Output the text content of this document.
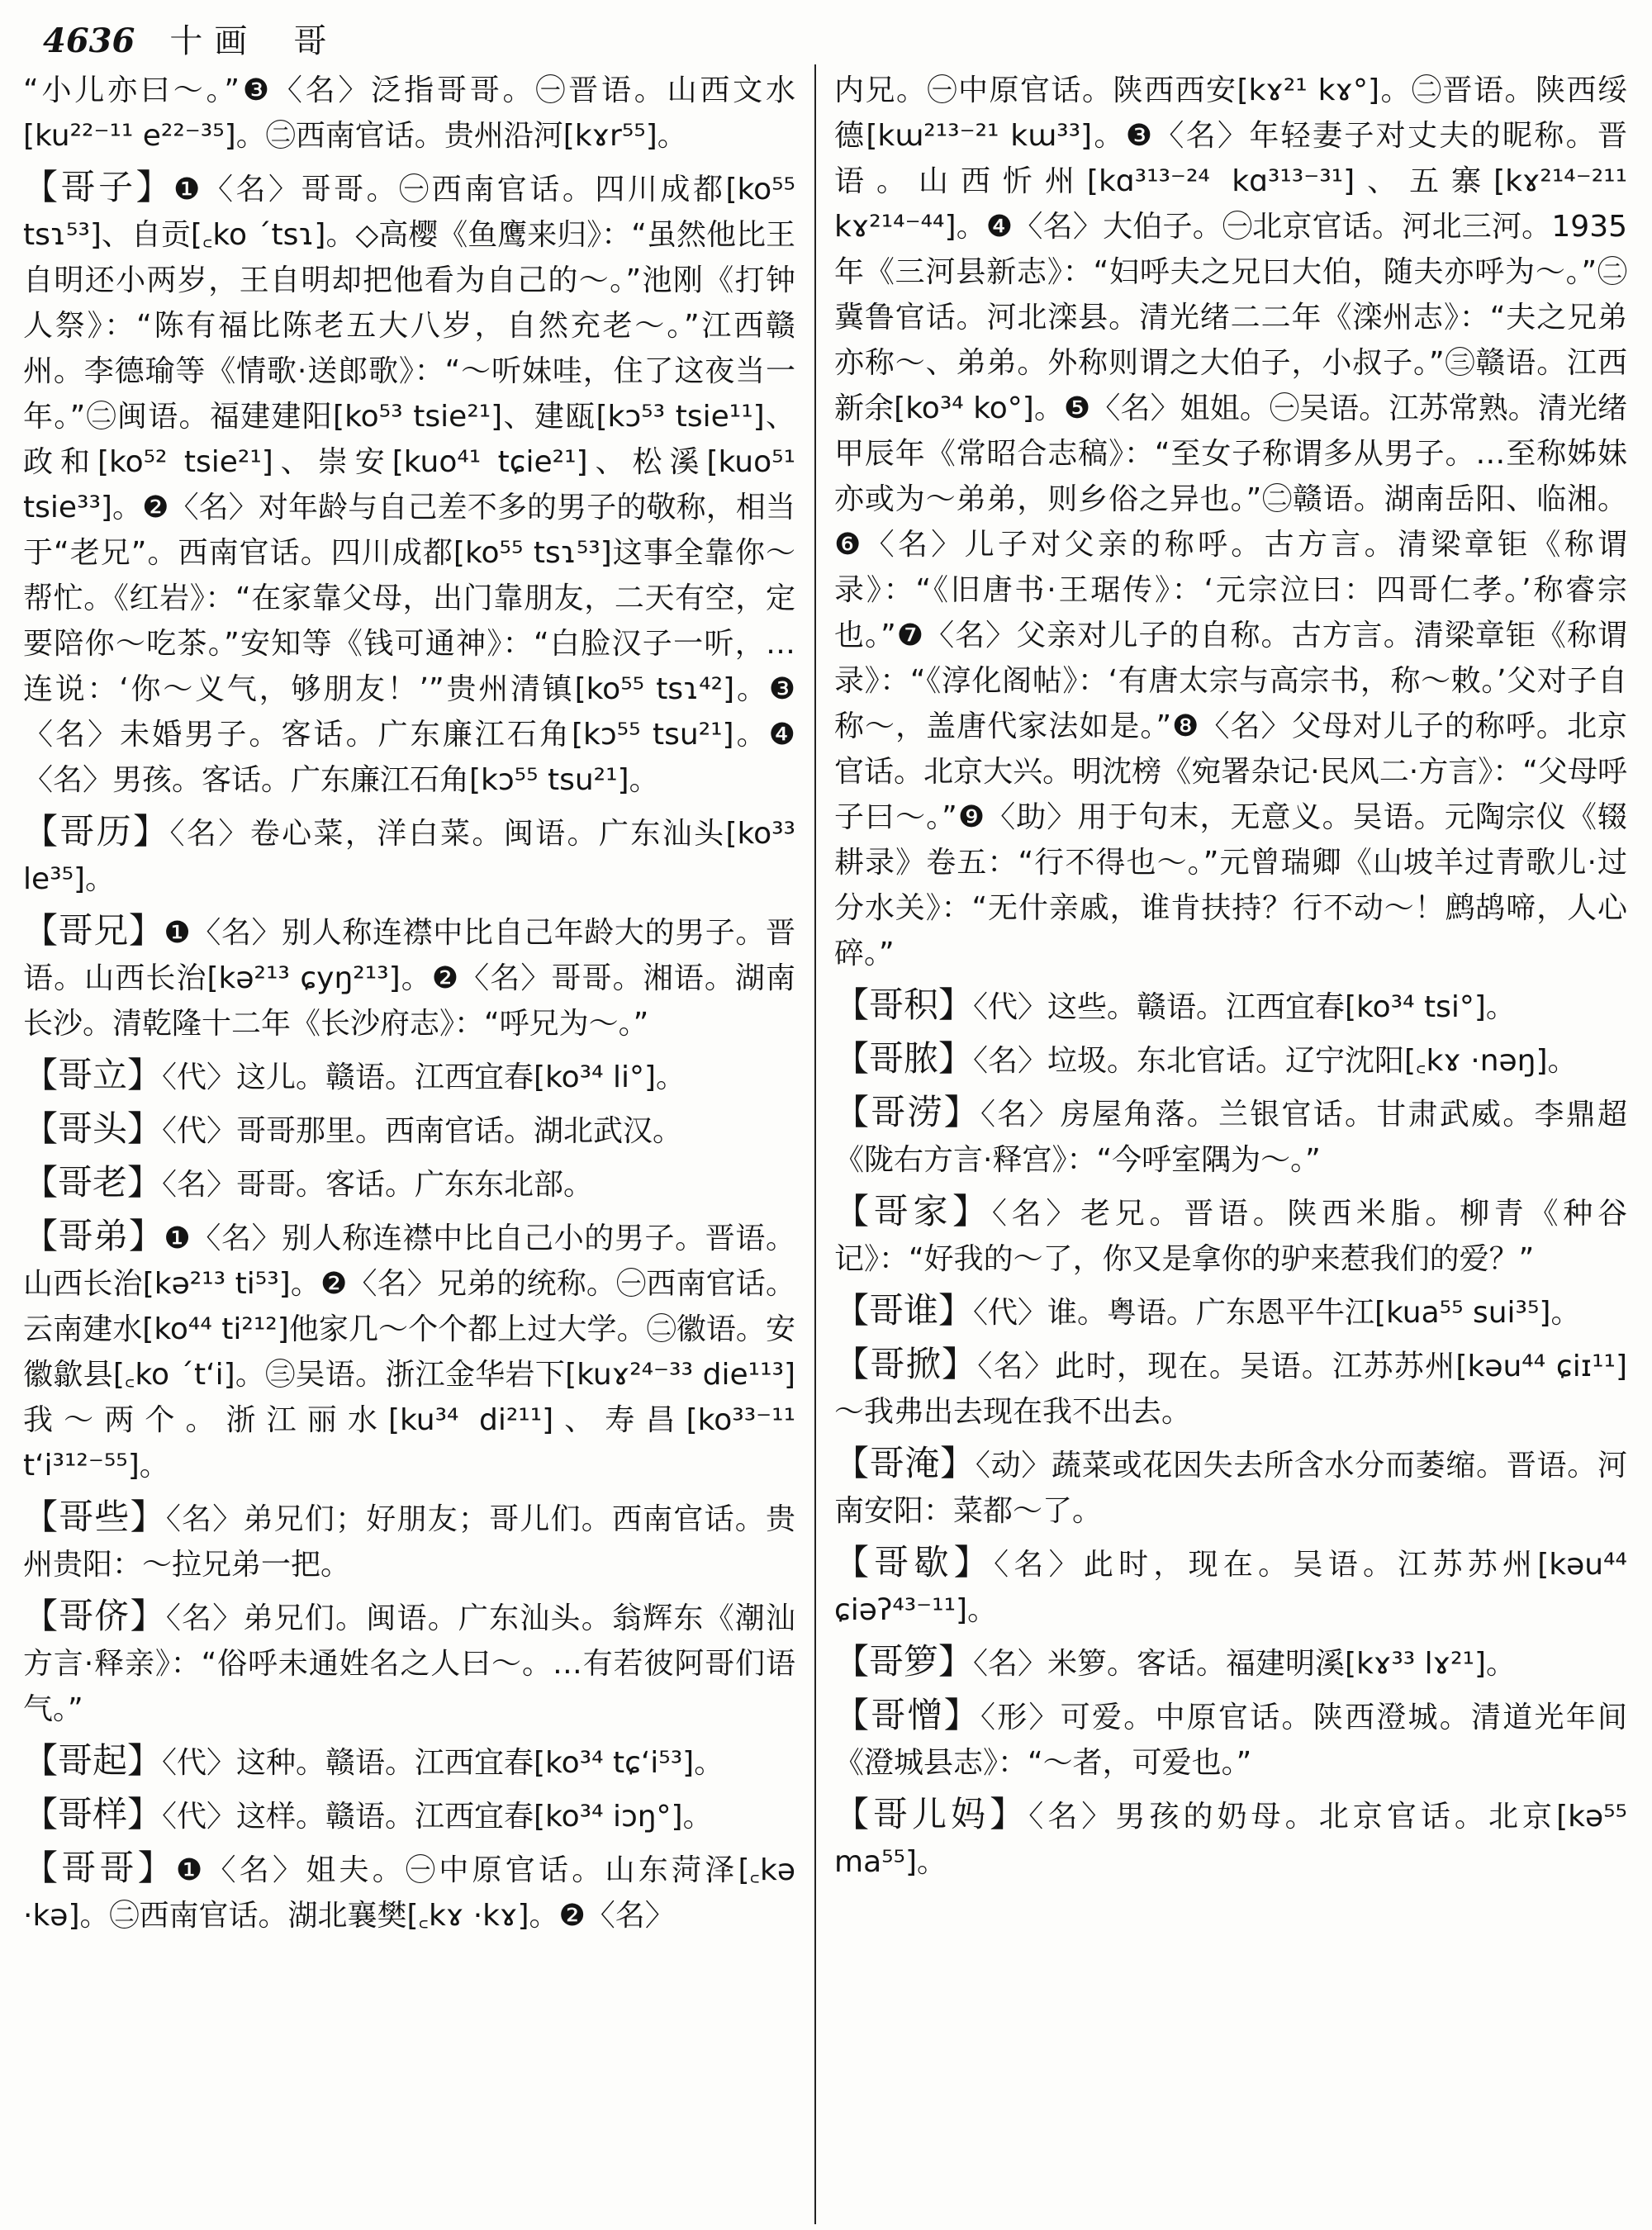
4636 十画 哥
“小儿亦曰～。”❸〈名〉泛指哥哥。㊀晋语。山西文水[ku²²⁻¹¹ e²²⁻³⁵]。㊁西南官话。贵州沿河[kɤr⁵⁵]。
【哥子】❶〈名〉哥哥。㊀西南官话。四川成都[ko⁵⁵ tsɿ⁵³]、自贡[꜀ko ˊtsɿ]。◇高樱《鱼鹰来归》：“虽然他比王自明还小两岁，王自明却把他看为自己的～。”池刚《打钟人祭》：“陈有福比陈老五大八岁，自然充老～。”江西赣州。李德瑜等《情歌·送郎歌》：“～听妹哇，住了这夜当一年。”㊁闽语。福建建阳[ko⁵³ tsie²¹]、建瓯[kɔ⁵³ tsie¹¹]、政和[ko⁵² tsie²¹]、崇安[kuo⁴¹ tɕie²¹]、松溪[kuo⁵¹ tsie³³]。❷〈名〉对年龄与自己差不多的男子的敬称，相当于“老兄”。西南官话。四川成都[ko⁵⁵ tsɿ⁵³]这事全靠你～帮忙。《红岩》：“在家靠父母，出门靠朋友，二天有空，定要陪你～吃茶。”安知等《钱可通神》：“白脸汉子一听，…连说：‘你～义气，够朋友！’”贵州清镇[ko⁵⁵ tsɿ⁴²]。❸〈名〉未婚男子。客话。广东廉江石角[kɔ⁵⁵ tsu²¹]。❹〈名〉男孩。客话。广东廉江石角[kɔ⁵⁵ tsu²¹]。
【哥历】〈名〉卷心菜，洋白菜。闽语。广东汕头[ko³³ le³⁵]。
【哥兄】❶〈名〉别人称连襟中比自己年龄大的男子。晋语。山西长治[kə²¹³ ɕyŋ²¹³]。❷〈名〉哥哥。湘语。湖南长沙。清乾隆十二年《长沙府志》：“呼兄为～。”
【哥立】〈代〉这儿。赣语。江西宜春[ko³⁴ li°]。
【哥头】〈代〉哥哥那里。西南官话。湖北武汉。
【哥老】〈名〉哥哥。客话。广东东北部。
【哥弟】❶〈名〉别人称连襟中比自己小的男子。晋语。山西长治[kə²¹³ ti⁵³]。❷〈名〉兄弟的统称。㊀西南官话。云南建水[ko⁴⁴ ti²¹²]他家几～个个都上过大学。㊁徽语。安徽歙县[꜀ko ˊtʻi]。㊂吴语。浙江金华岩下[kuɤ²⁴⁻³³ die¹¹³]我～两个。浙江丽水[ku³⁴ di²¹¹]、寿昌[ko³³⁻¹¹ tʻi³¹²⁻⁵⁵]。
【哥些】〈名〉弟兄们；好朋友；哥儿们。西南官话。贵州贵阳：～拉兄弟一把。
【哥侪】〈名〉弟兄们。闽语。广东汕头。翁辉东《潮汕方言·释亲》：“俗呼未通姓名之人曰～。…有若彼阿哥们语气。”
【哥起】〈代〉这种。赣语。江西宜春[ko³⁴ tɕʻi⁵³]。
【哥样】〈代〉这样。赣语。江西宜春[ko³⁴ iɔŋ°]。
【哥哥】❶〈名〉姐夫。㊀中原官话。山东菏泽[꜀kə ·kə]。㊁西南官话。湖北襄樊[꜀kɤ ·kɤ]。❷〈名〉
内兄。㊀中原官话。陕西西安[kɤ²¹ kɤ°]。㊁晋语。陕西绥德[kɯ²¹³⁻²¹ kɯ³³]。❸〈名〉年轻妻子对丈夫的昵称。晋语。山西忻州[kɑ³¹³⁻²⁴ kɑ³¹³⁻³¹]、五寨[kɤ²¹⁴⁻²¹¹ kɤ²¹⁴⁻⁴⁴]。❹〈名〉大伯子。㊀北京官话。河北三河。1935年《三河县新志》：“妇呼夫之兄曰大伯，随夫亦呼为～。”㊁冀鲁官话。河北滦县。清光绪二二年《滦州志》：“夫之兄弟亦称～、弟弟。外称则谓之大伯子，小叔子。”㊂赣语。江西新余[ko³⁴ ko°]。❺〈名〉姐姐。㊀吴语。江苏常熟。清光绪甲辰年《常昭合志稿》：“至女子称谓多从男子。…至称姊妹亦或为～弟弟，则乡俗之异也。”㊁赣语。湖南岳阳、临湘。❻〈名〉儿子对父亲的称呼。古方言。清梁章钜《称谓录》：“《旧唐书·王琚传》：‘元宗泣曰：四哥仁孝。’称睿宗也。”❼〈名〉父亲对儿子的自称。古方言。清梁章钜《称谓录》：“《淳化阁帖》：‘有唐太宗与高宗书，称～敕。’父对子自称～，盖唐代家法如是。”❽〈名〉父母对儿子的称呼。北京官话。北京大兴。明沈榜《宛署杂记·民风二·方言》：“父母呼子曰～。”❾〈助〉用于句末，无意义。吴语。元陶宗仪《辍耕录》卷五：“行不得也～。”元曾瑞卿《山坡羊过青歌儿·过分水关》：“无什亲戚，谁肯扶持？行不动～！鹧鸪啼，人心碎。”
【哥积】〈代〉这些。赣语。江西宜春[ko³⁴ tsi°]。
【哥脓】〈名〉垃圾。东北官话。辽宁沈阳[꜀kɤ ·nəŋ]。
【哥涝】〈名〉房屋角落。兰银官话。甘肃武威。李鼎超《陇右方言·释宫》：“今呼室隅为～。”
【哥家】〈名〉老兄。晋语。陕西米脂。柳青《种谷记》：“好我的～了，你又是拿你的驴来惹我们的爱？”
【哥谁】〈代〉谁。粤语。广东恩平牛江[kua⁵⁵ sui³⁵]。
【哥掀】〈名〉此时，现在。吴语。江苏苏州[kəu⁴⁴ ɕiɪ¹¹]～我弗出去现在我不出去。
【哥淹】〈动〉蔬菜或花因失去所含水分而萎缩。晋语。河南安阳：菜都～了。
【哥歇】〈名〉此时，现在。吴语。江苏苏州[kəu⁴⁴ ɕiəʔ⁴³⁻¹¹]。
【哥箩】〈名〉米箩。客话。福建明溪[kɤ³³ lɤ²¹]。
【哥憎】〈形〉可爱。中原官话。陕西澄城。清道光年间《澄城县志》：“～者，可爱也。”
【哥儿妈】〈名〉男孩的奶母。北京官话。北京[kə⁵⁵ ma⁵⁵]。
